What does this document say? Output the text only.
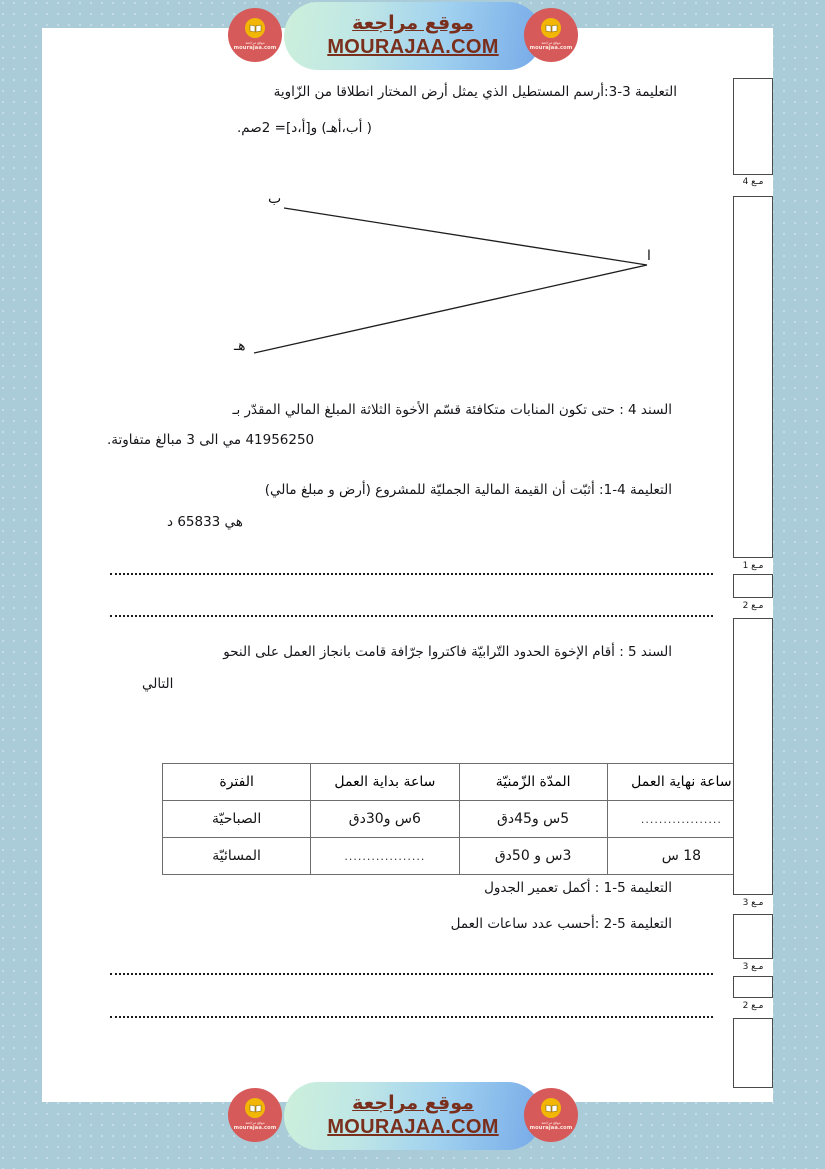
التعليمة 3-3:أرسم المستطيل الذي يمثل أرض المختار انطلاقا من الزّاوية
( أب،أهـ) و[أ،د]= 2صم.
ا
ب
هـ
السند 4 : حتى تكون المنابات متكافئة قسّم الأخوة الثلاثة المبلغ المالي المقدّر بـ
41956250 مي الى 3 مبالغ متفاوتة.
التعليمة 4-1: أثبّت أن القيمة المالية الجمليّة للمشروع (أرض و مبلغ مالي)
هي 65833 د
السند 5 : أقام الإخوة الحدود التّرابيّة فاكتروا جرّافة قامت بانجاز العمل على النحو
التالي
ساعة نهاية العمل	المدّة الزّمنيّة	ساعة بداية العمل	الفترة
..................	5س و45دق	6س و30دق	الصباحيّة
18 س	3س و 50دق	..................	المسائيّة
التعليمة 5-1 : أكمل تعمير الجدول
التعليمة 5-2 :أحسب عدد ساعات العمل
مـع 4
مـع 1
مـع 2
مـع 3
مـع 3
مـع 2
موقع مراجعة
MOURAJAA.COM
موقع مراجعة
mourajaa.com
موقع مراجعة
mourajaa.com
موقع مراجعة
MOURAJAA.COM
موقع مراجعة
mourajaa.com
موقع مراجعة
mourajaa.com
